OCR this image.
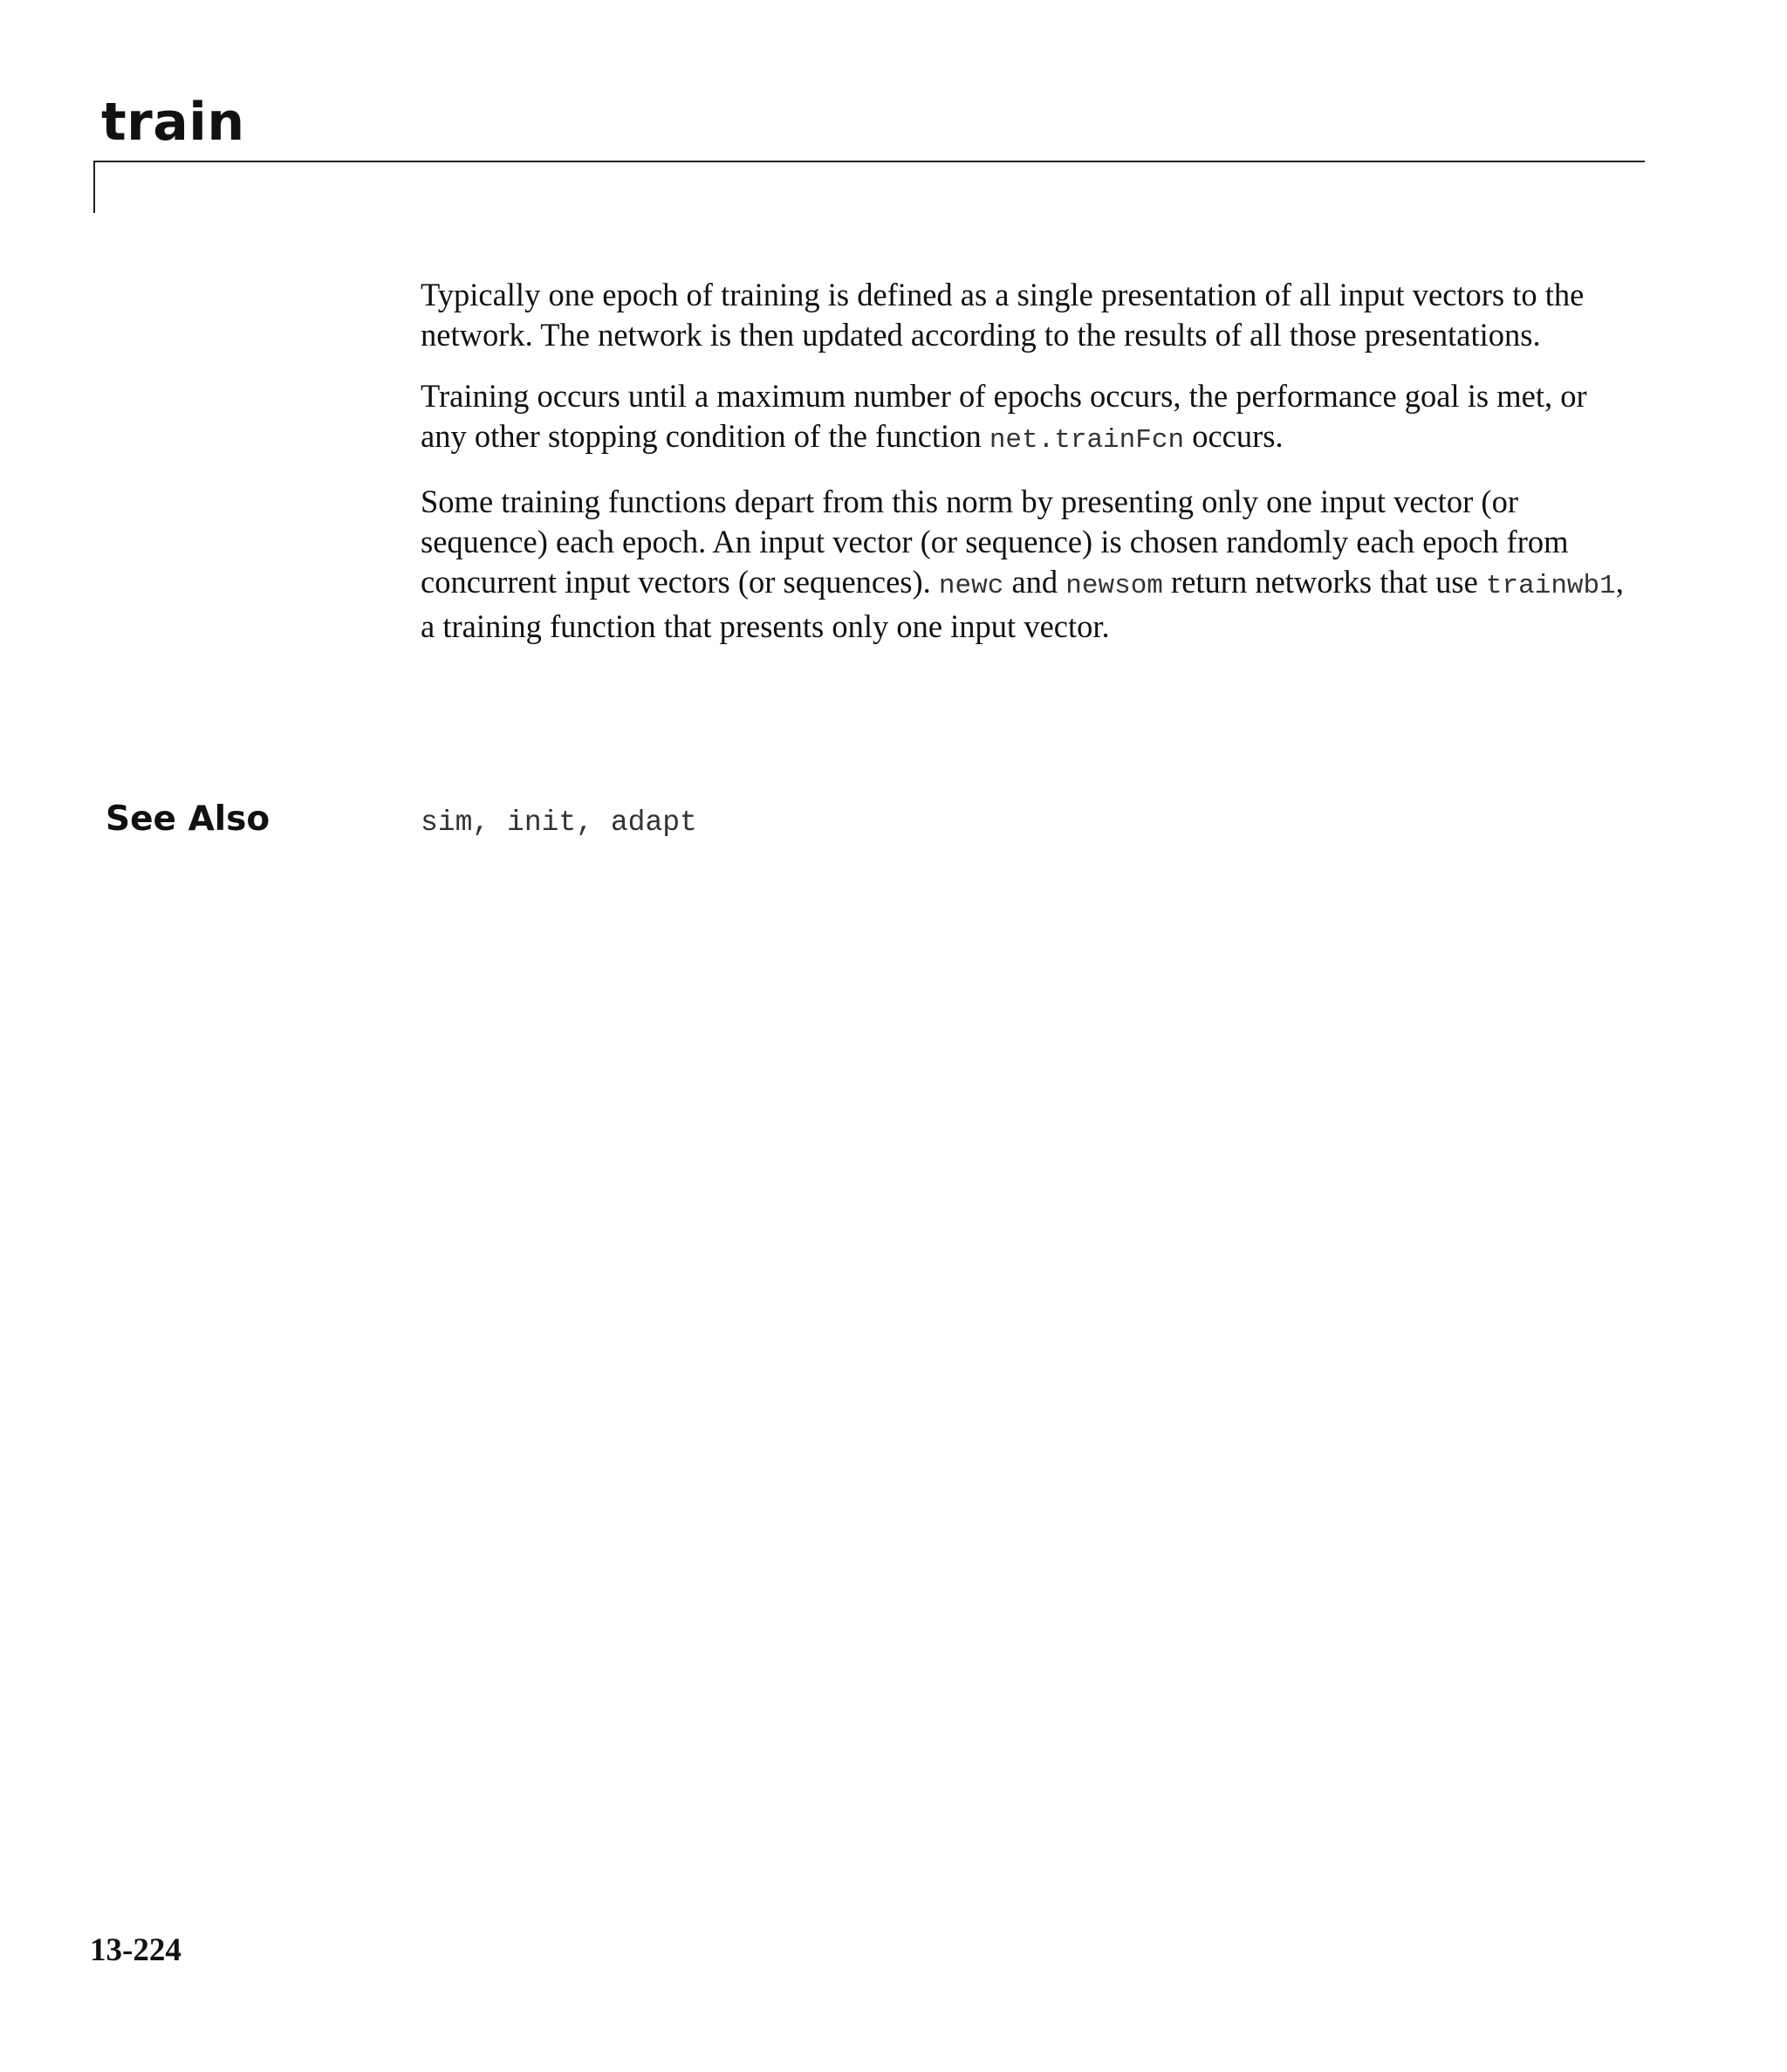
train

Typically one epoch of training is defined as a single presentation of all input vectors to the network. The network is then updated according to the results of all those presentations.

Training occurs until a maximum number of epochs occurs, the performance goal is met, or any other stopping condition of the function net.trainFcn occurs.

Some training functions depart from this norm by presenting only one input vector (or sequence) each epoch. An input vector (or sequence) is chosen randomly each epoch from concurrent input vectors (or sequences). newc and newsom return networks that use trainwb1, a training function that presents only one input vector.

See Also	sim, init, adapt
13-224
